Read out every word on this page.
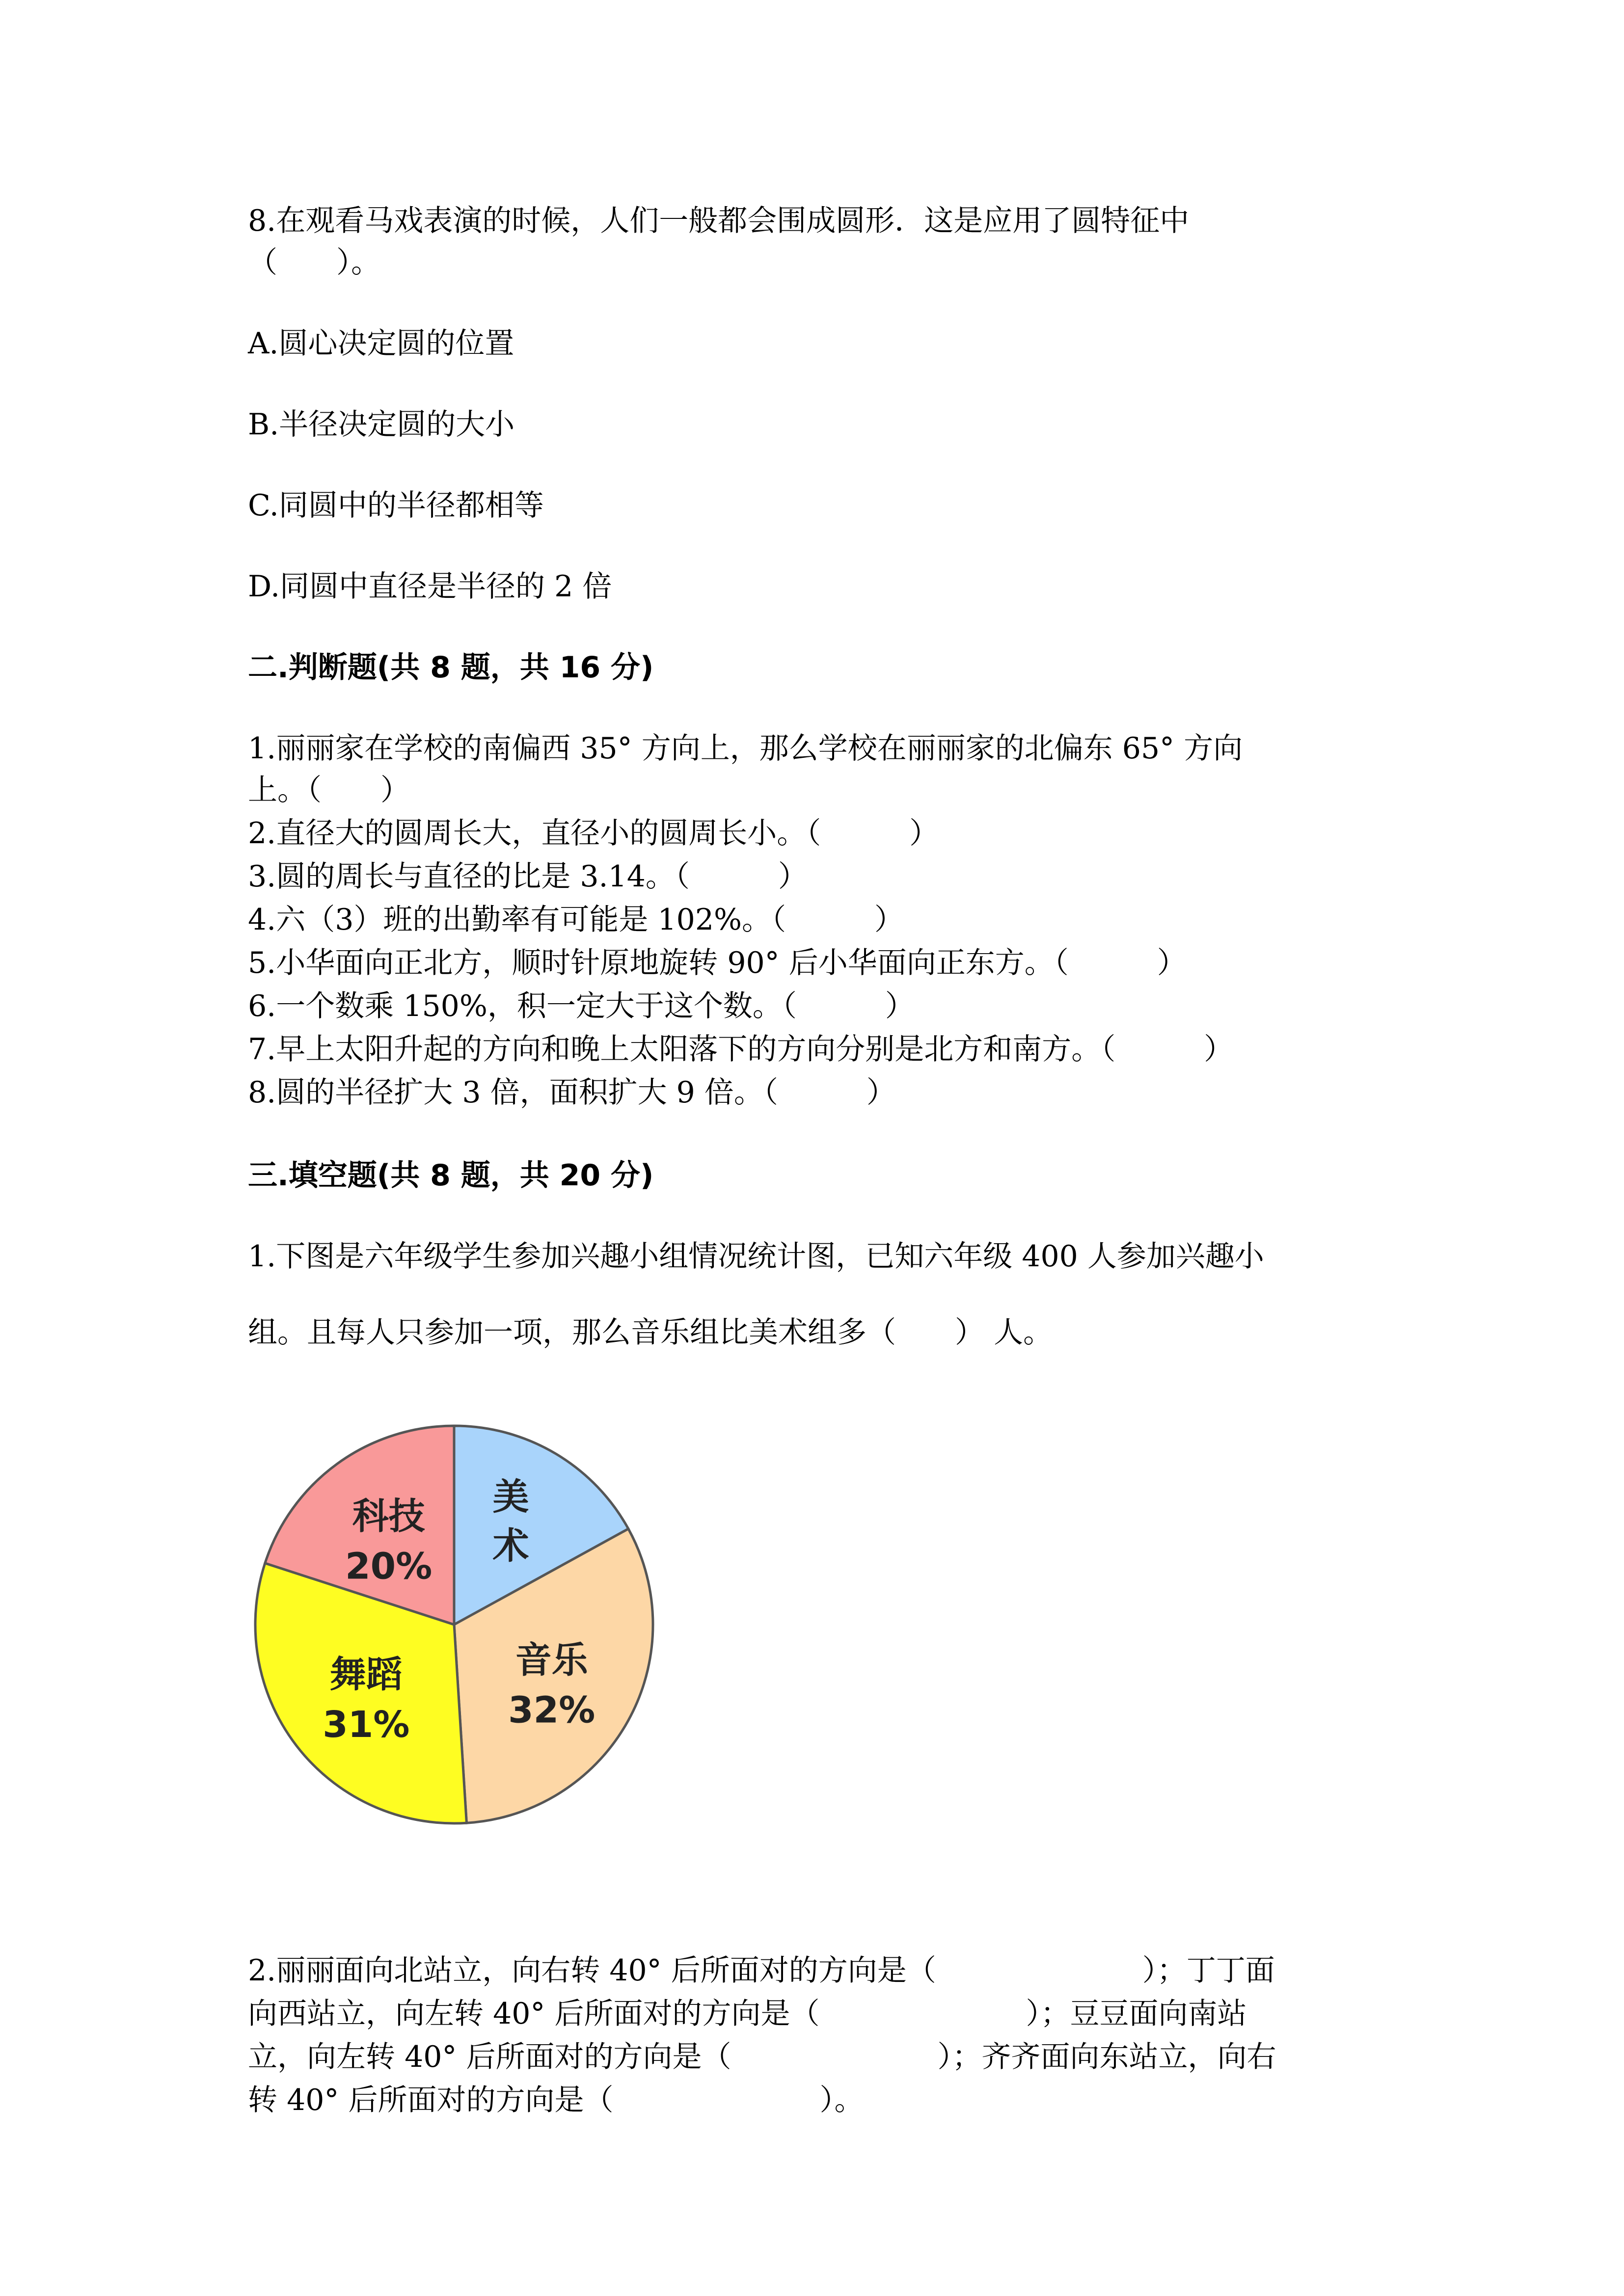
8.在观看马戏表演的时候，人们一般都会围成圆形．这是应用了圆特征中
（　　）。
A.圆心决定圆的位置
B.半径决定圆的大小
C.同圆中的半径都相等
D.同圆中直径是半径的 2 倍
二.判断题(共 8 题，共 16 分)
1.丽丽家在学校的南偏西 35° 方向上，那么学校在丽丽家的北偏东 65° 方向
上。（　　）
2.直径大的圆周长大，直径小的圆周长小。（　　　）
3.圆的周长与直径的比是 3.14。（　　　）
4.六（3）班的出勤率有可能是 102%。（　　　）
5.小华面向正北方，顺时针原地旋转 90° 后小华面向正东方。（　　　）
6.一个数乘 150%，积一定大于这个数。（　　　）
7.早上太阳升起的方向和晚上太阳落下的方向分别是北方和南方。（　　　）
8.圆的半径扩大 3 倍，面积扩大 9 倍。（　　　）
三.填空题(共 8 题，共 20 分)
1.下图是六年级学生参加兴趣小组情况统计图，已知六年级 400 人参加兴趣小
组。且每人只参加一项，那么音乐组比美术组多（　　） 人。
美
术
音乐
32%
舞蹈
31%
科技
20%
2.丽丽面向北站立，向右转 40° 后所面对的方向是（　　　　　　　）；丁丁面
向西站立，向左转 40° 后所面对的方向是（　　　　　　　）；豆豆面向南站
立，向左转 40° 后所面对的方向是（　　　　　　　）；齐齐面向东站立，向右
转 40° 后所面对的方向是（　　　　　　　）。
